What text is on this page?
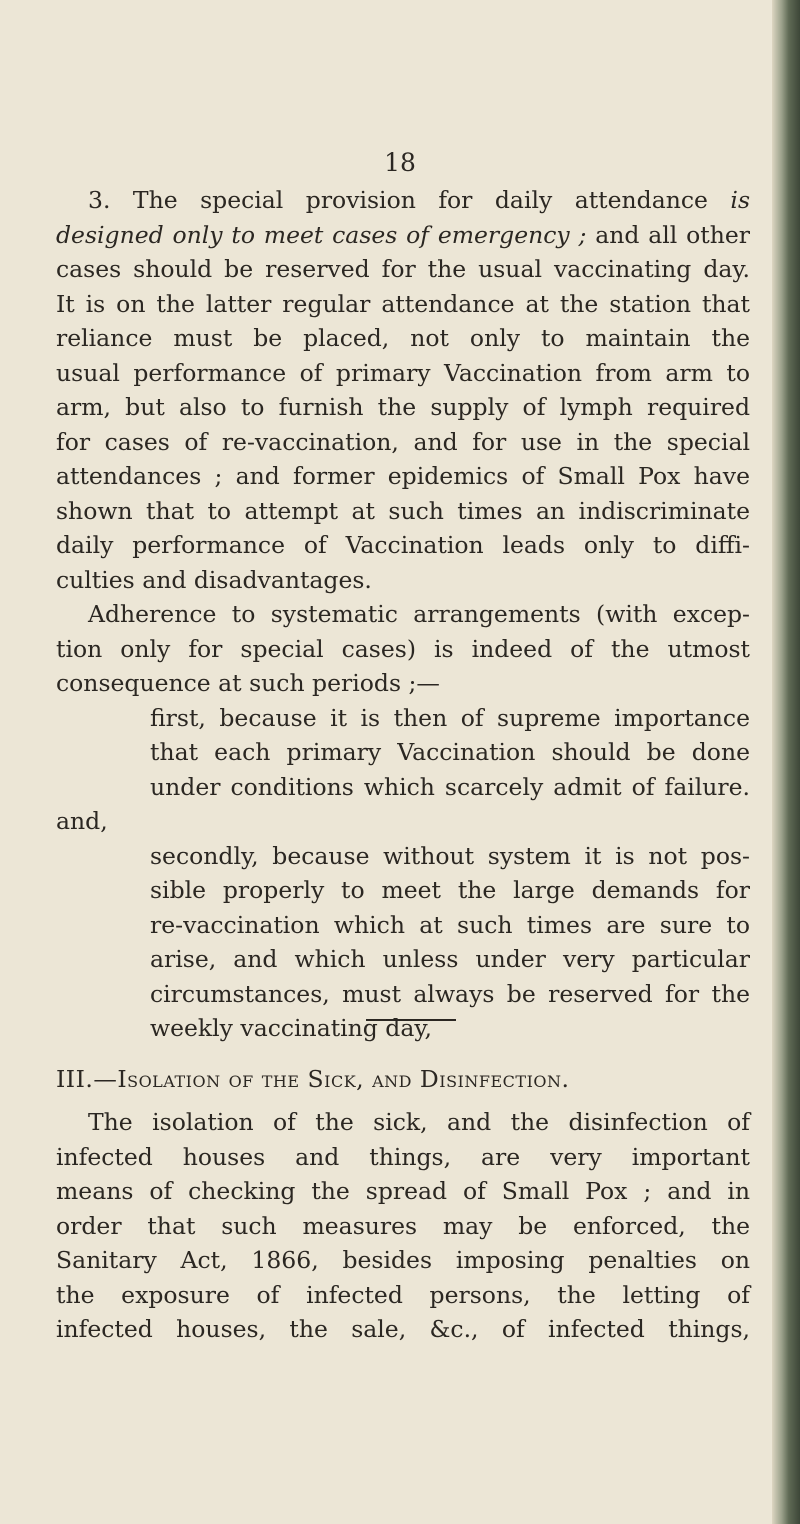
18
3. The special provision for daily attendance is
designed only to meet cases of emergency ; and all other
cases should be reserved for the usual vaccinating day.
It is on the latter regular attendance at the station that
reliance must be placed, not only to maintain the
usual performance of primary Vaccination from arm to
arm, but also to furnish the supply of lymph required
for cases of re-vaccination, and for use in the special
attendances ; and former epidemics of Small Pox have
shown that to attempt at such times an indiscriminate
daily performance of Vaccination leads only to diffi-
culties and disadvantages.
Adherence to systematic arrangements (with excep-
tion only for special cases) is indeed of the utmost
consequence at such periods ;—
first, because it is then of supreme importance
that each primary Vaccination should be done
under conditions which scarcely admit of failure.
and,
secondly, because without system it is not pos-
sible properly to meet the large demands for
re-vaccination which at such times are sure to
arise, and which unless under very particular
circumstances, must always be reserved for the
weekly vaccinating day,
III.—Isolation of the Sick, and Disinfection.
The isolation of the sick, and the disinfection of
infected houses and things, are very important
means of checking the spread of Small Pox ; and in
order that such measures may be enforced, the
Sanitary Act, 1866, besides imposing penalties on
the exposure of infected persons, the letting of
infected houses, the sale, &c., of infected things,
